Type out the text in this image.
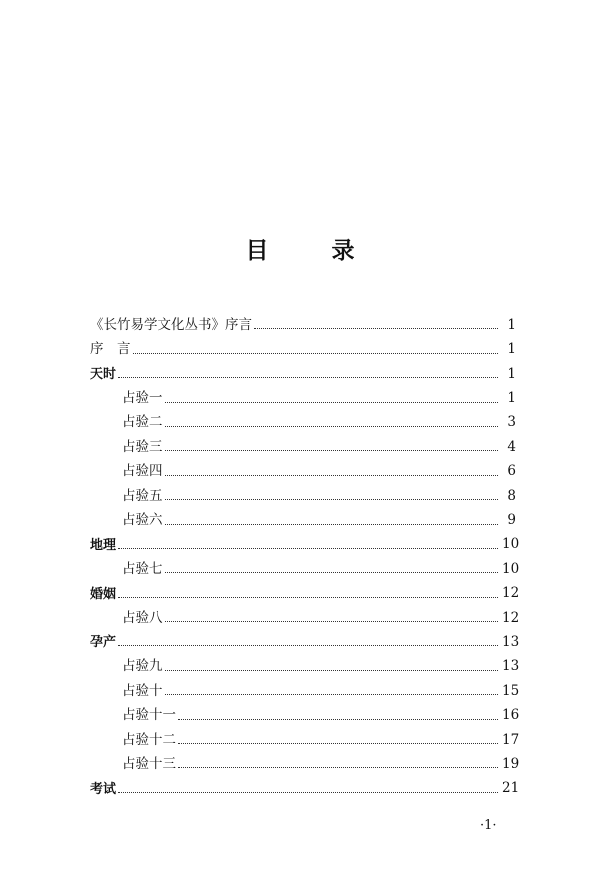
目　录
《长竹易学文化丛书》序言	1
序　言	1
天时	1
占验一	1
占验二	3
占验三	4
占验四	6
占验五	8
占验六	9
地理	10
占验七	10
婚姻	12
占验八	12
孕产	13
占验九	13
占验十	15
占验十一	16
占验十二	17
占验十三	19
考试	21
·1·
